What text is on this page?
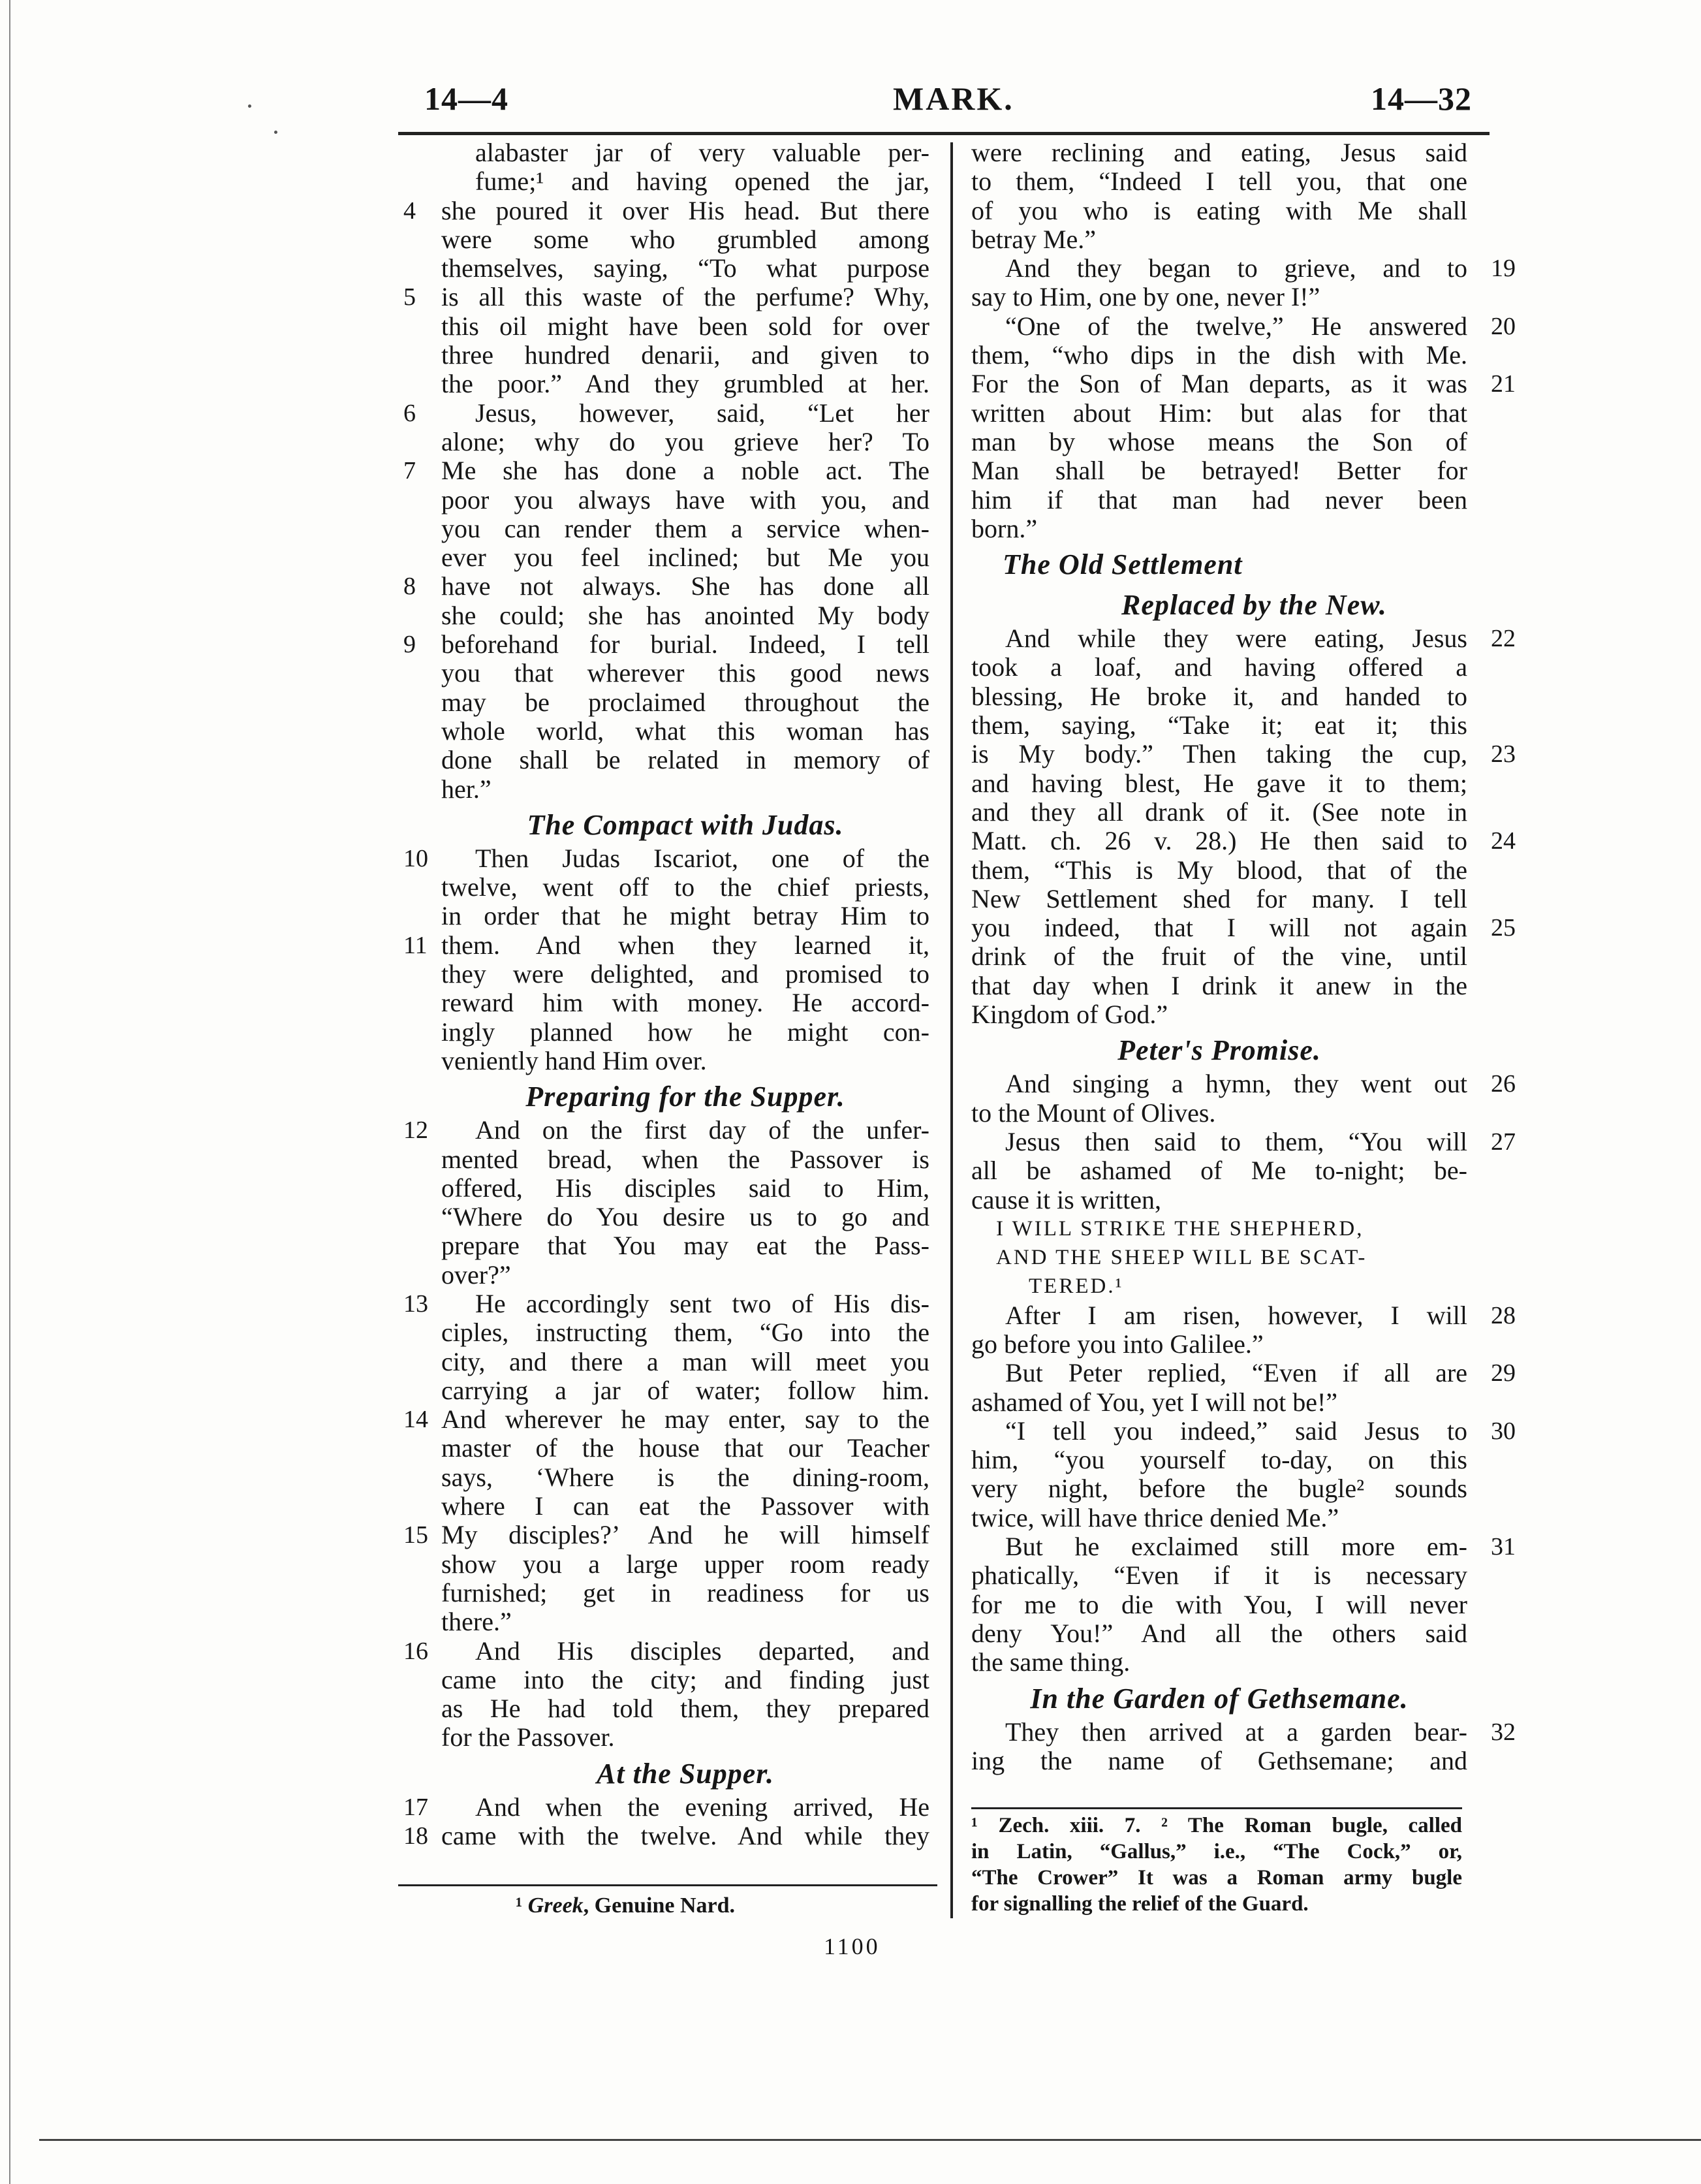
14—4	MARK.	14—32
alabaster jar of very valuable per-
fume;¹ and having opened the jar,
she poured it over His head. But there
4
were some who grumbled among
themselves, saying, “To what purpose
is all this waste of the perfume? Why,
5
this oil might have been sold for over
three hundred denarii, and given to
the poor.” And they grumbled at her.
Jesus, however, said, “Let her
6
alone; why do you grieve her? To
Me she has done a noble act. The
7
poor you always have with you, and
you can render them a service when-
ever you feel inclined; but Me you
have not always. She has done all
8
she could; she has anointed My body
beforehand for burial. Indeed, I tell
9
you that wherever this good news
may be proclaimed throughout the
whole world, what this woman has
done shall be related in memory of
her.”
The Compact with Judas.
Then Judas Iscariot, one of the
10
twelve, went off to the chief priests,
in order that he might betray Him to
them. And when they learned it,
11
they were delighted, and promised to
reward him with money. He accord-
ingly planned how he might con-
veniently hand Him over.
Preparing for the Supper.
And on the first day of the unfer-
12
mented bread, when the Passover is
offered, His disciples said to Him,
“Where do You desire us to go and
prepare that You may eat the Pass-
over?”
He accordingly sent two of His dis-
13
ciples, instructing them, “Go into the
city, and there a man will meet you
carrying a jar of water; follow him.
And wherever he may enter, say to the
14
master of the house that our Teacher
says, ‘Where is the dining-room,
where I can eat the Passover with
My disciples?’ And he will himself
15
show you a large upper room ready
furnished; get in readiness for us
there.”
And His disciples departed, and
16
came into the city; and finding just
as He had told them, they prepared
for the Passover.
At the Supper.
And when the evening arrived, He
17
came with the twelve. And while they
18
were reclining and eating, Jesus said
to them, “Indeed I tell you, that one
of you who is eating with Me shall
betray Me.”
And they began to grieve, and to 19
say to Him, one by one, never I!”
“One of the twelve,” He answered 20
them, “who dips in the dish with Me.
For the Son of Man departs, as it was 21
written about Him: but alas for that
man by whose means the Son of
Man shall be betrayed! Better for
him if that man had never been
born.”
The Old Settlement
Replaced by the New.
And while they were eating, Jesus 22
took a loaf, and having offered a
blessing, He broke it, and handed to
them, saying, “Take it; eat it; this
is My body.” Then taking the cup, 23
and having blest, He gave it to them;
and they all drank of it. (See note in
Matt. ch. 26 v. 28.) He then said to 24
them, “This is My blood, that of the
New Settlement shed for many. I tell
you indeed, that I will not again 25
drink of the fruit of the vine, until
that day when I drink it anew in the
Kingdom of God.”
Peter's Promise.
And singing a hymn, they went out 26
to the Mount of Olives.
Jesus then said to them, “You will 27
all be ashamed of Me to-night; be-
cause it is written,
I WILL STRIKE THE SHEPHERD,
AND THE SHEEP WILL BE SCAT-
TERED.¹
After I am risen, however, I will 28
go before you into Galilee.”
But Peter replied, “Even if all are 29
ashamed of You, yet I will not be!”
“I tell you indeed,” said Jesus to 30
him, “you yourself to-day, on this
very night, before the bugle² sounds
twice, will have thrice denied Me.”
But he exclaimed still more em- 31
phatically, “Even if it is necessary
for me to die with You, I will never
deny You!” And all the others said
the same thing.
In the Garden of Gethsemane.
They then arrived at a garden bear- 32
ing the name of Gethsemane; and
¹ Greek, Genuine Nard.
¹ Zech. xiii. 7. ² The Roman bugle, called
in Latin, “Gallus,” i.e., “The Cock,” or,
“The Crower” It was a Roman army bugle
for signalling the relief of the Guard.
1100
